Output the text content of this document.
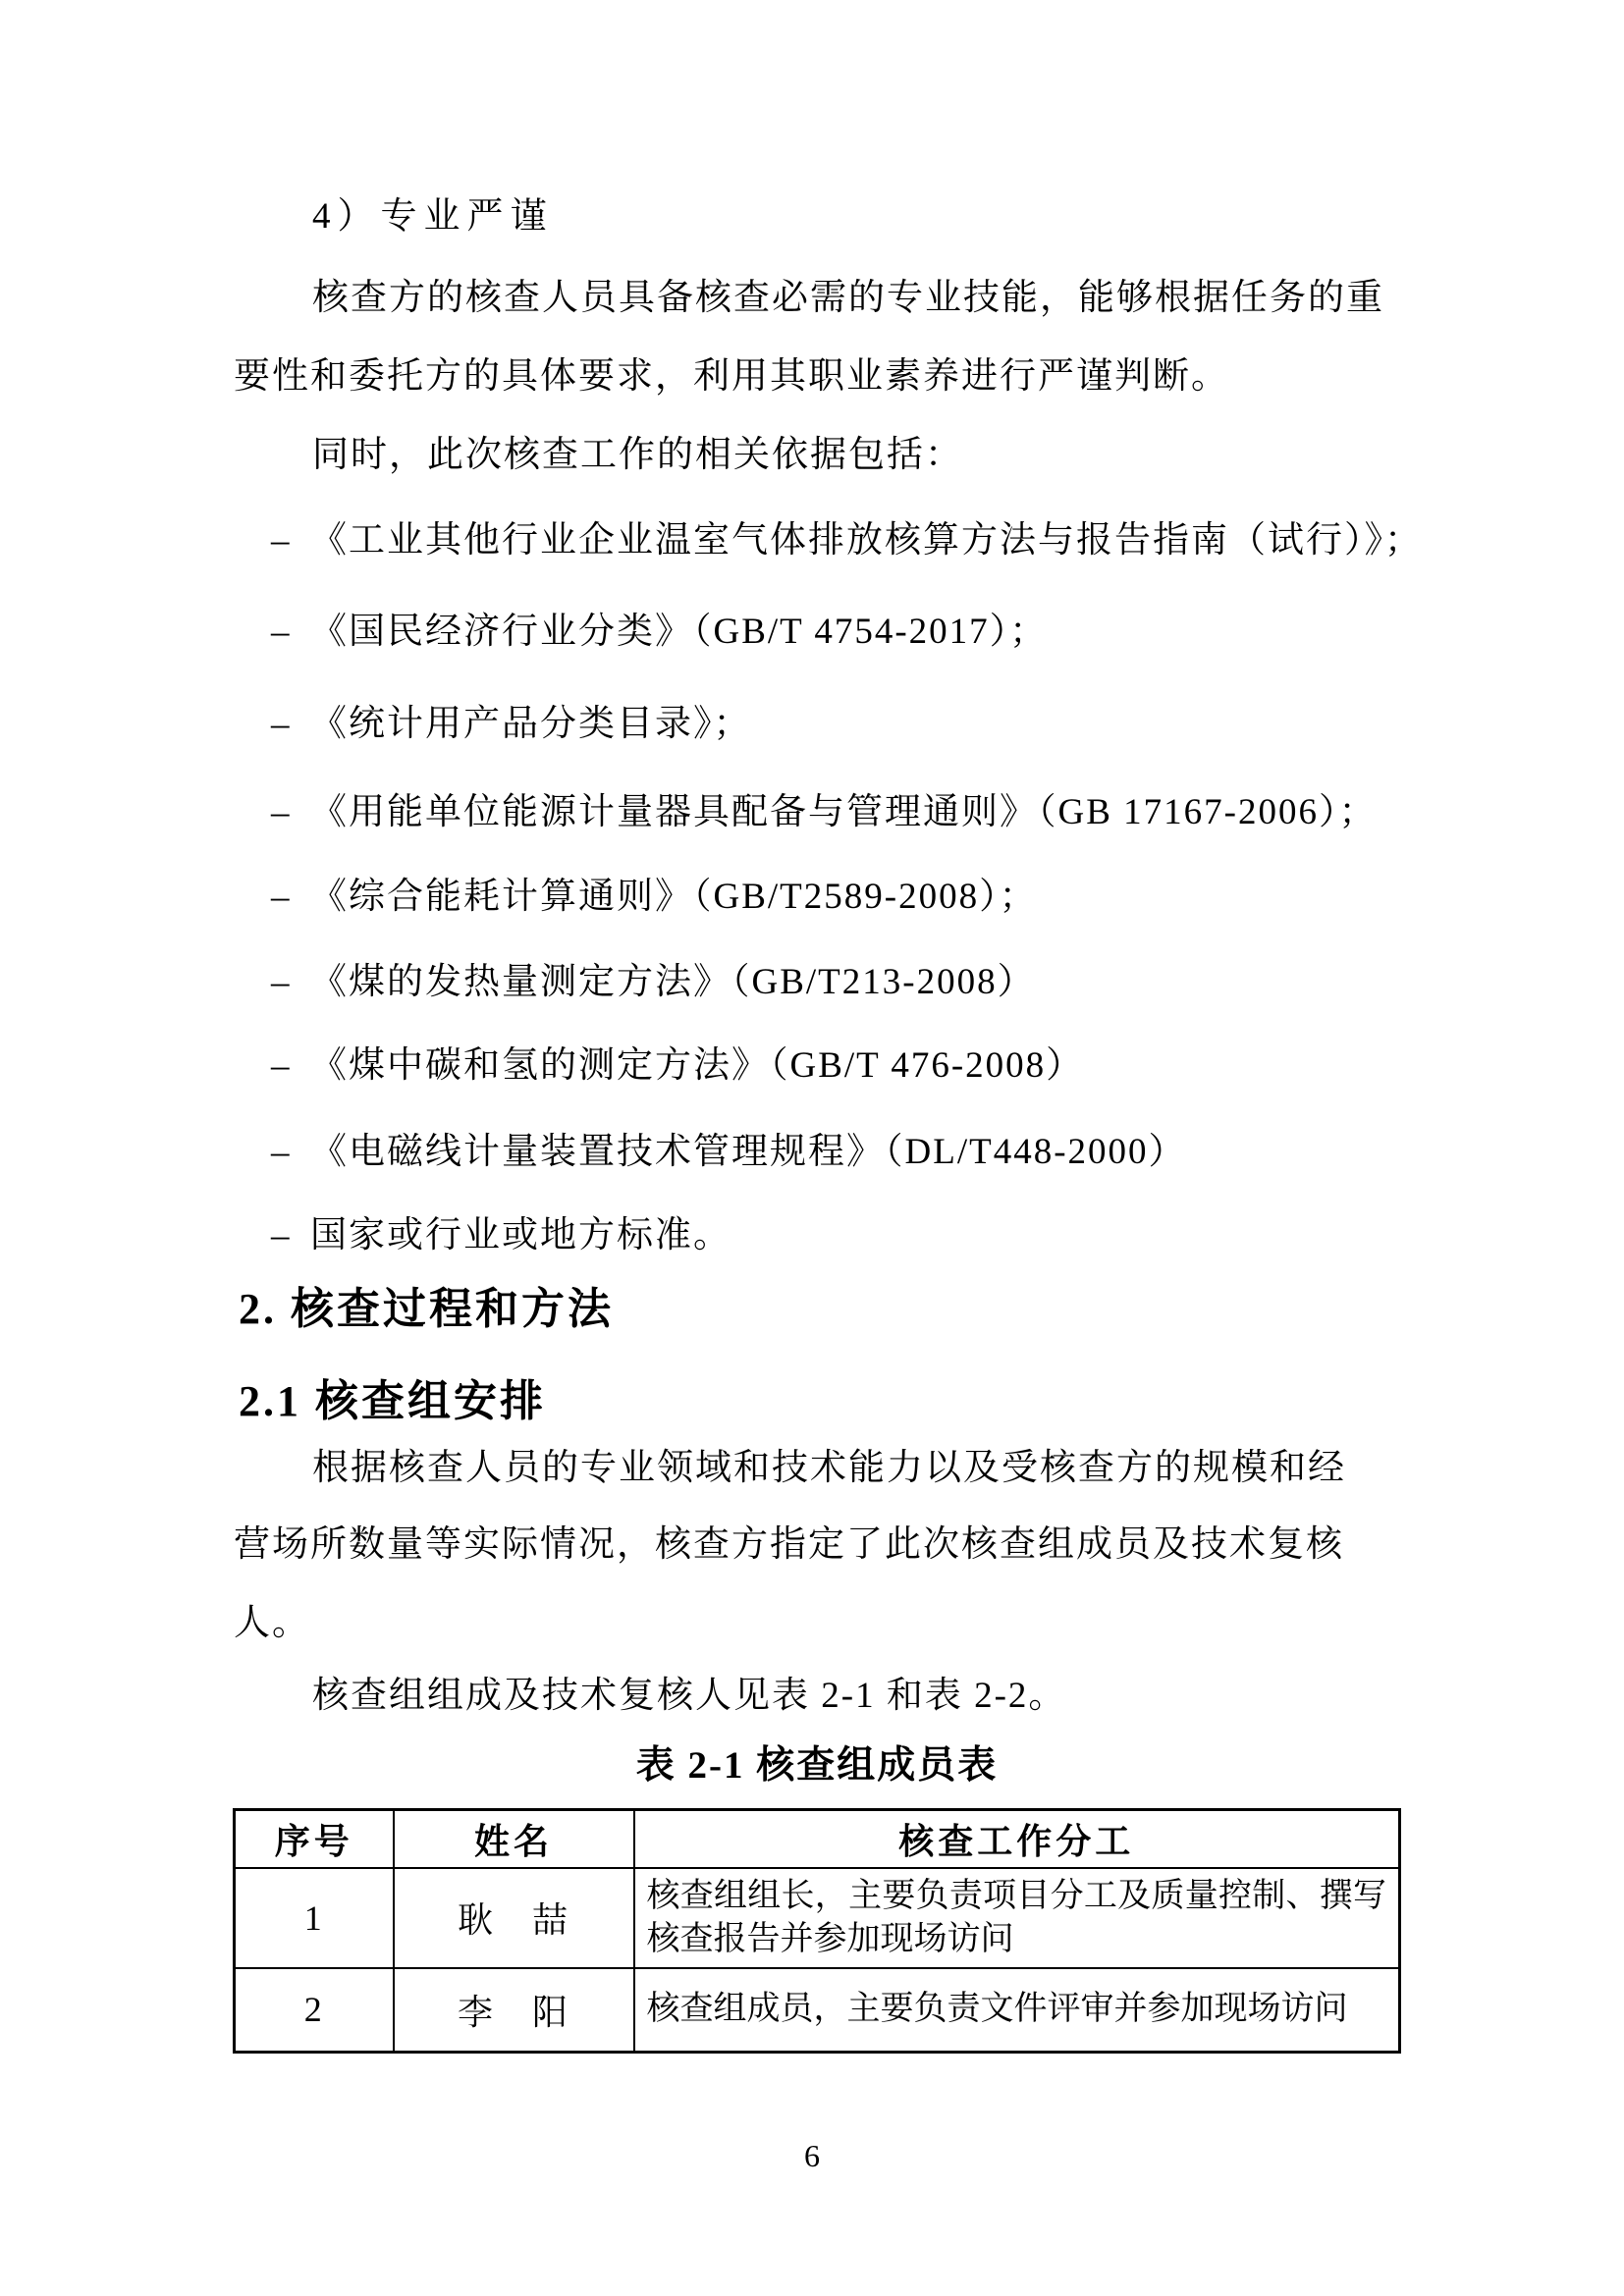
4）专业严谨
核查方的核查人员具备核查必需的专业技能，能够根据任务的重
要性和委托方的具体要求，利用其职业素养进行严谨判断。
同时，此次核查工作的相关依据包括：
– 《工业其他行业企业温室气体排放核算方法与报告指南（试行）》；
– 《国民经济行业分类》（GB/T 4754-2017）；
– 《统计用产品分类目录》；
– 《用能单位能源计量器具配备与管理通则》（GB 17167-2006）；
– 《综合能耗计算通则》（GB/T2589-2008）；
– 《煤的发热量测定方法》（GB/T213-2008）
– 《煤中碳和氢的测定方法》（GB/T 476-2008）
– 《电磁线计量装置技术管理规程》（DL/T448-2000）
– 国家或行业或地方标准。
2. 核查过程和方法
2.1 核查组安排
根据核查人员的专业领域和技术能力以及受核查方的规模和经
营场所数量等实际情况，核查方指定了此次核查组成员及技术复核
人。
核查组组成及技术复核人见表 2-1 和表 2-2。
表 2-1 核查组成员表
序号	姓名	核查工作分工
1	耿　喆	核查组组长，主要负责项目分工及质量控制、撰写核查报告并参加现场访问
2	李　阳	核查组成员，主要负责文件评审并参加现场访问
6
